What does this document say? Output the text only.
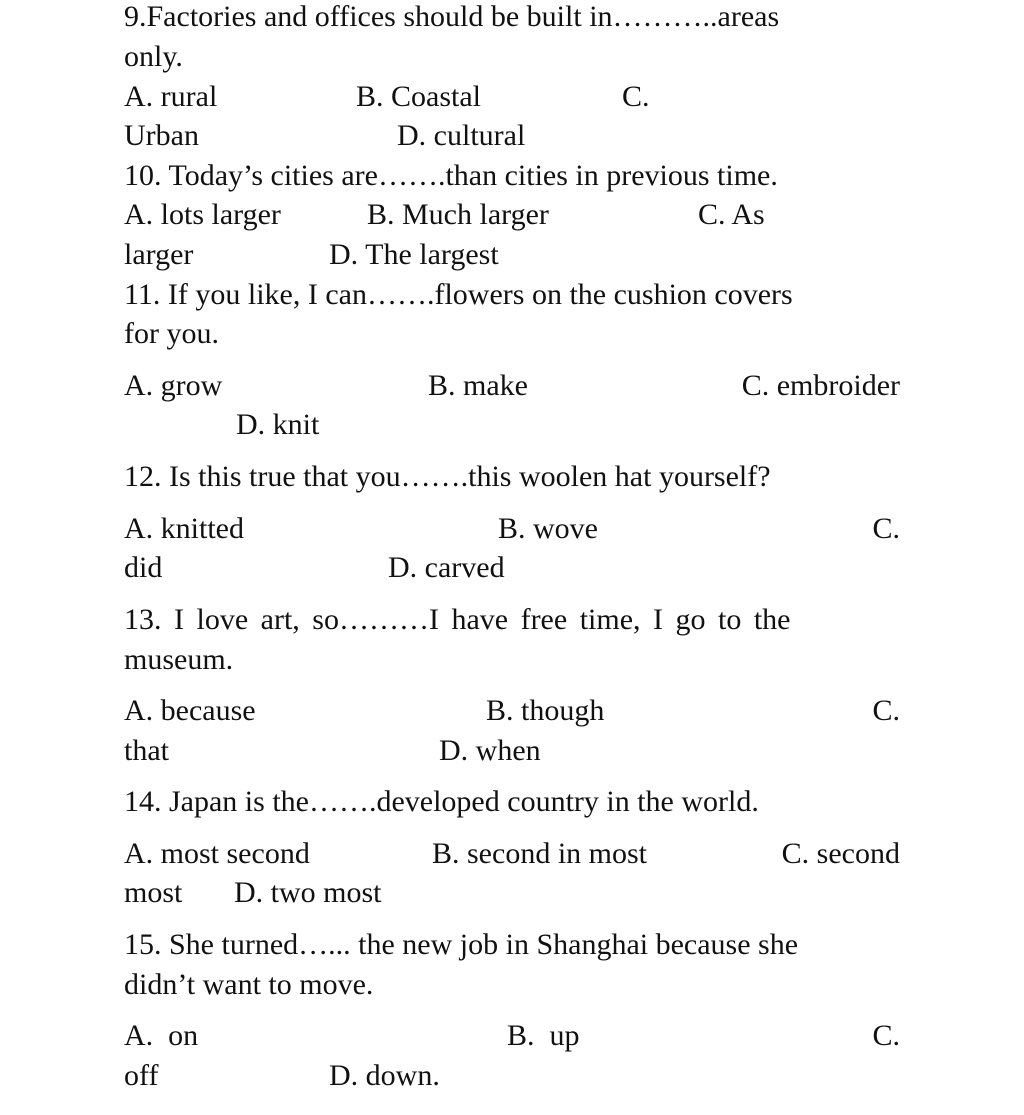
9.Factories and offices should be built in………..areas
only.
A. rural	B. Coastal	C.
Urban	D. cultural
10. Today’s cities are…….than cities in previous time.
A. lots larger	B. Much larger	C. As
larger	D. The largest
11. If you like, I can…….flowers on the cushion covers
for you.
A. grow	B. make	C. embroider
D. knit
12. Is this true that you…….this woolen hat yourself?
A. knitted	B. wove	C.
did	D. carved
13. I love art, so………I have free time, I go to the
museum.
A. because	B. though	C.
that	D. when
14. Japan is the…….developed country in the world.
A. most second	B. second in most	C. second
most D. two most
15. She turned…... the new job in Shanghai because she
didn’t want to move.
A.  on	B.  up	C.
off	D. down.
